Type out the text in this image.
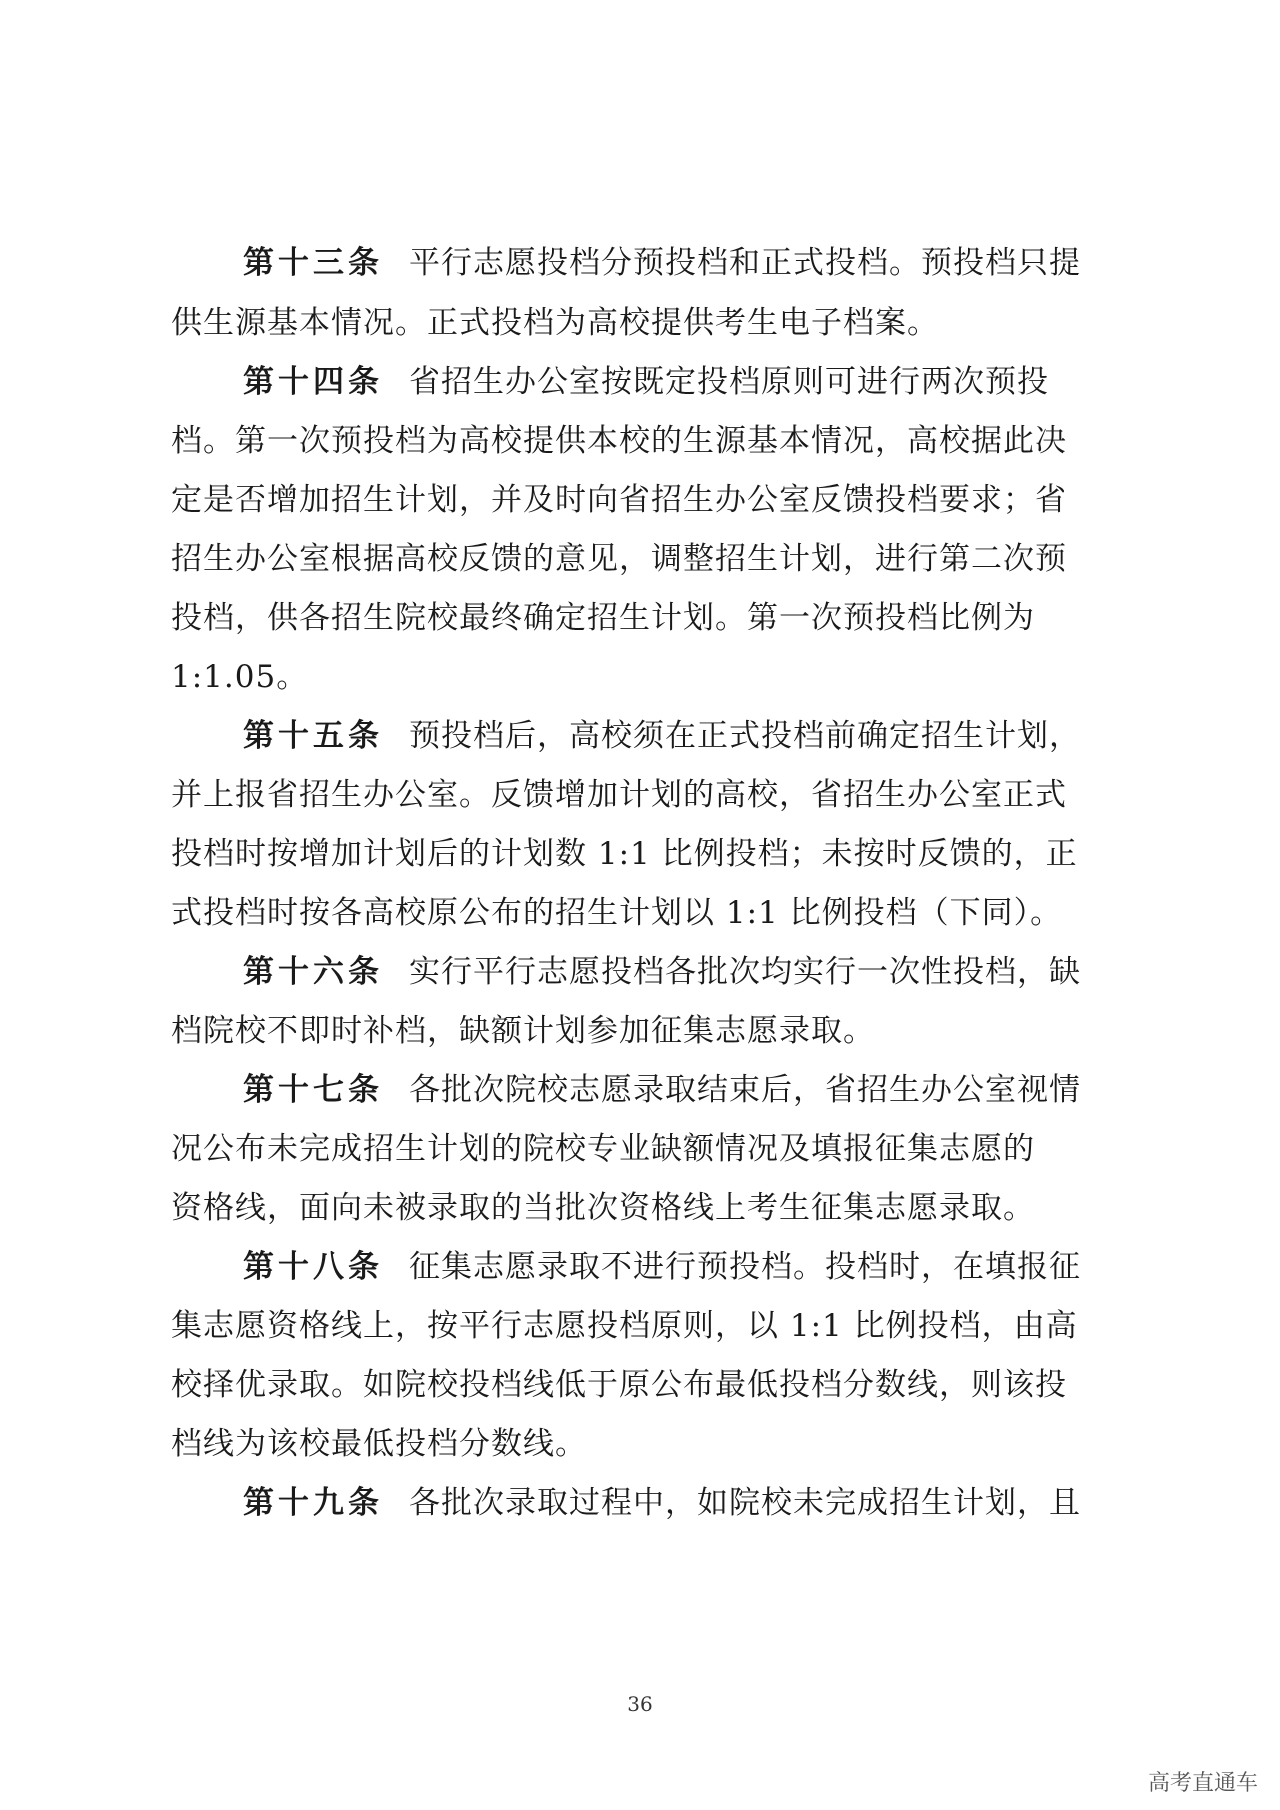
第十三条 平行志愿投档分预投档和正式投档。预投档只提
供生源基本情况。正式投档为高校提供考生电子档案。
第十四条 省招生办公室按既定投档原则可进行两次预投
档。第一次预投档为高校提供本校的生源基本情况，高校据此决
定是否增加招生计划，并及时向省招生办公室反馈投档要求；省
招生办公室根据高校反馈的意见，调整招生计划，进行第二次预
投档，供各招生院校最终确定招生计划。第一次预投档比例为
1:1.05。
第十五条 预投档后，高校须在正式投档前确定招生计划，
并上报省招生办公室。反馈增加计划的高校，省招生办公室正式
投档时按增加计划后的计划数 1:1 比例投档；未按时反馈的，正
式投档时按各高校原公布的招生计划以 1:1 比例投档（下同）。
第十六条 实行平行志愿投档各批次均实行一次性投档，缺
档院校不即时补档，缺额计划参加征集志愿录取。
第十七条 各批次院校志愿录取结束后，省招生办公室视情
况公布未完成招生计划的院校专业缺额情况及填报征集志愿的
资格线，面向未被录取的当批次资格线上考生征集志愿录取。
第十八条 征集志愿录取不进行预投档。投档时，在填报征
集志愿资格线上，按平行志愿投档原则，以 1:1 比例投档，由高
校择优录取。如院校投档线低于原公布最低投档分数线，则该投
档线为该校最低投档分数线。
第十九条 各批次录取过程中，如院校未完成招生计划，且
36
高考直通车
